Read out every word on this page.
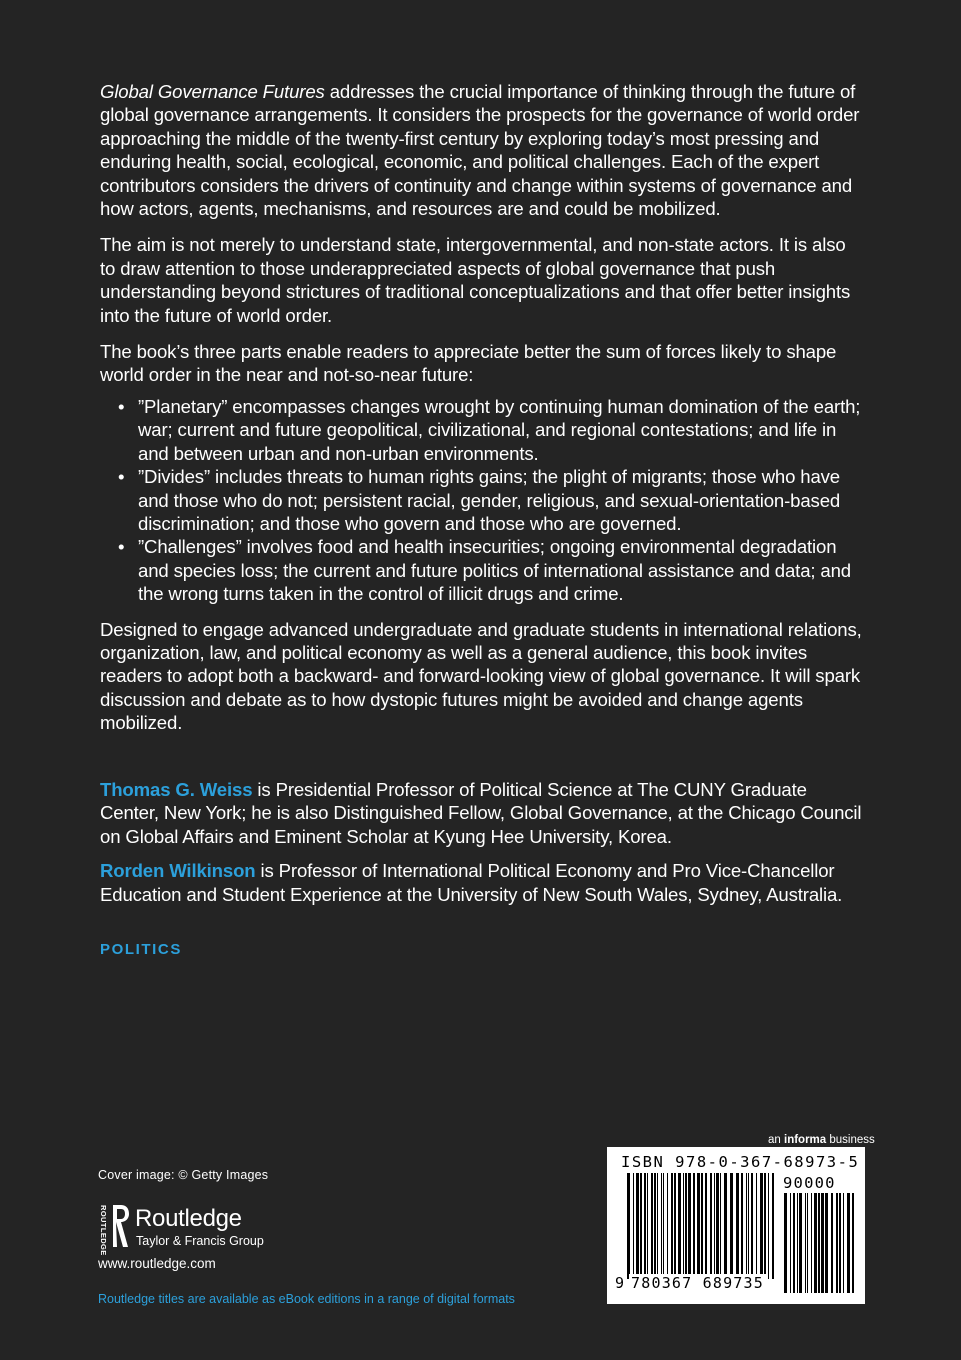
Global Governance Futures addresses the crucial importance of thinking through the future of global governance arrangements. It considers the prospects for the governance of world order approaching the middle of the twenty-first century by exploring today’s most pressing and enduring health, social, ecological, economic, and political challenges. Each of the expert contributors considers the drivers of continuity and change within systems of governance and how actors, agents, mechanisms, and resources are and could be mobilized.

The aim is not merely to understand state, intergovernmental, and non-state actors. It is also to draw attention to those underappreciated aspects of global governance that push understanding beyond strictures of traditional conceptualizations and that offer better insights into the future of world order.

The book’s three parts enable readers to appreciate better the sum of forces likely to shape world order in the near and not-so-near future:

• ”Planetary” encompasses changes wrought by continuing human domination of the earth; war; current and future geopolitical, civilizational, and regional contestations; and life in and between urban and non-urban environments.
• ”Divides” includes threats to human rights gains; the plight of migrants; those who have and those who do not; persistent racial, gender, religious, and sexual-orientation-based discrimination; and those who govern and those who are governed.
• ”Challenges” involves food and health insecurities; ongoing environmental degradation and species loss; the current and future politics of international assistance and data; and the wrong turns taken in the control of illicit drugs and crime.

Designed to engage advanced undergraduate and graduate students in international relations, organization, law, and political economy as well as a general audience, this book invites readers to adopt both a backward- and forward-looking view of global governance. It will spark discussion and debate as to how dystopic futures might be avoided and change agents mobilized.

Thomas G. Weiss is Presidential Professor of Political Science at The CUNY Graduate Center, New York; he is also Distinguished Fellow, Global Governance, at the Chicago Council on Global Affairs and Eminent Scholar at Kyung Hee University, Korea.

Rorden Wilkinson is Professor of International Political Economy and Pro Vice-Chancellor Education and Student Experience at the University of New South Wales, Sydney, Australia.

POLITICS
Cover image: © Getty Images
ROUTLEDGE Routledge
Taylor & Francis Group
www.routledge.com
Routledge titles are available as eBook editions in a range of digital formats
an informa business
ISBN 978-0-367-68973-5
90000
9 780367 689735
